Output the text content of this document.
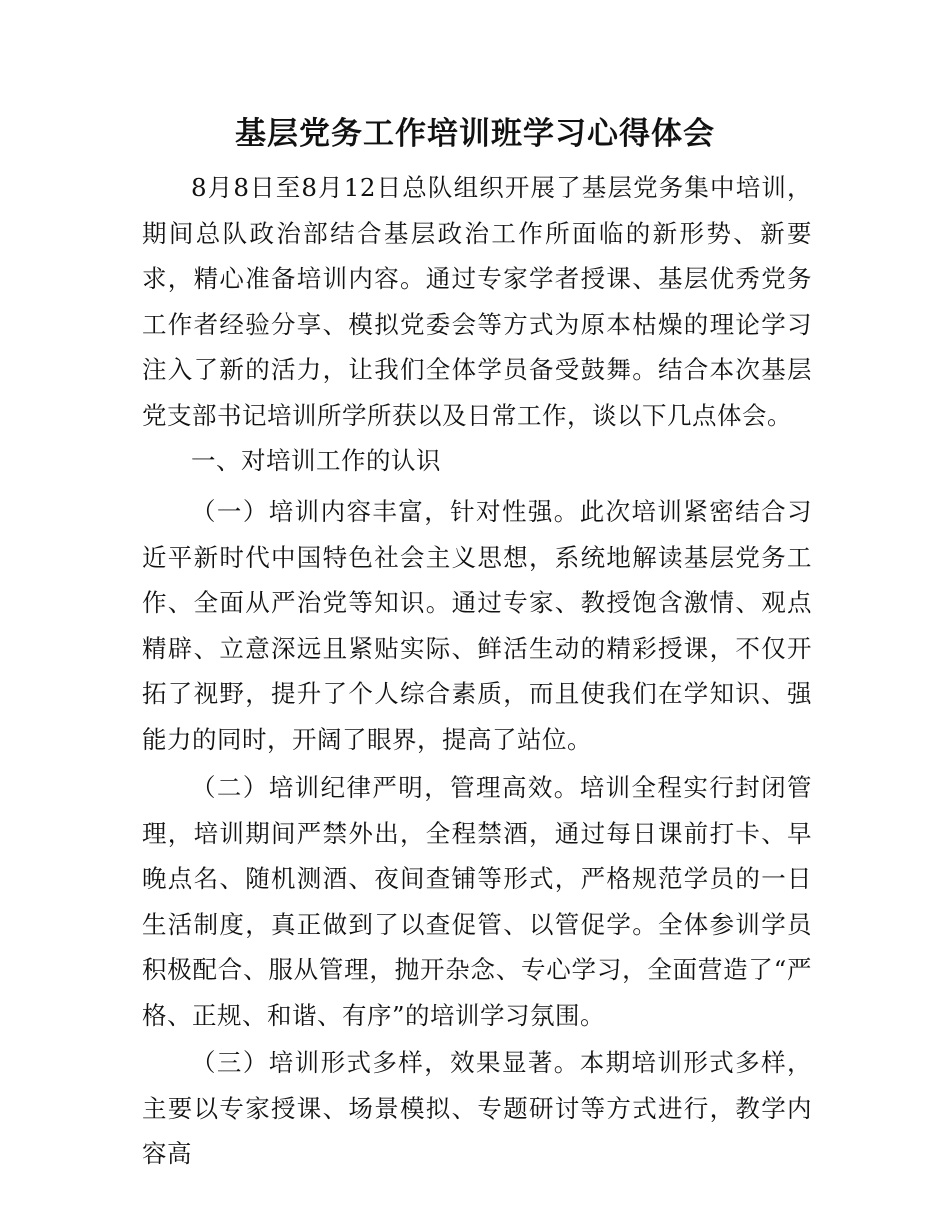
基层党务工作培训班学习心得体会

8月8日至8月12日总队组织开展了基层党务集中培训，期间总队政治部结合基层政治工作所面临的新形势、新要求，精心准备培训内容。通过专家学者授课、基层优秀党务工作者经验分享、模拟党委会等方式为原本枯燥的理论学习注入了新的活力，让我们全体学员备受鼓舞。结合本次基层党支部书记培训所学所获以及日常工作，谈以下几点体会。

一、对培训工作的认识

（一）培训内容丰富，针对性强。此次培训紧密结合习近平新时代中国特色社会主义思想，系统地解读基层党务工作、全面从严治党等知识。通过专家、教授饱含激情、观点精辟、立意深远且紧贴实际、鲜活生动的精彩授课，不仅开拓了视野，提升了个人综合素质，而且使我们在学知识、强能力的同时，开阔了眼界，提高了站位。

（二）培训纪律严明，管理高效。培训全程实行封闭管理，培训期间严禁外出，全程禁酒，通过每日课前打卡、早晚点名、随机测酒、夜间查铺等形式，严格规范学员的一日生活制度，真正做到了以查促管、以管促学。全体参训学员积极配合、服从管理，抛开杂念、专心学习，全面营造了“严格、正规、和谐、有序”的培训学习氛围。

（三）培训形式多样，效果显著。本期培训形式多样，主要以专家授课、场景模拟、专题研讨等方式进行，教学内容高
